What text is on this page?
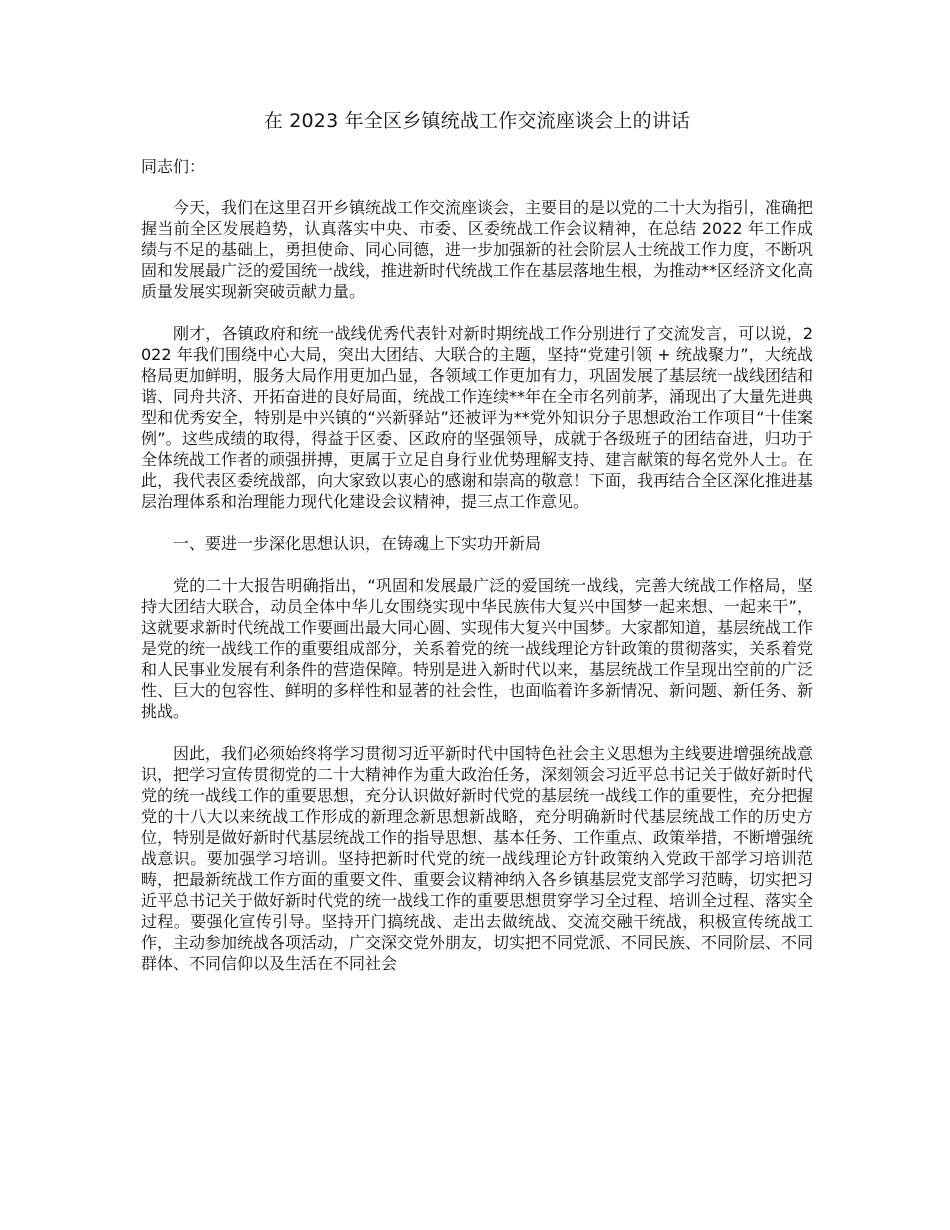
在 2023 年全区乡镇统战工作交流座谈会上的讲话

同志们：

今天，我们在这里召开乡镇统战工作交流座谈会，主要目的是以党的二十大为指引，准确把握当前全区发展趋势，认真落实中央、市委、区委统战工作会议精神，在总结 2022 年工作成绩与不足的基础上，勇担使命、同心同德，进一步加强新的社会阶层人士统战工作力度，不断巩固和发展最广泛的爱国统一战线，推进新时代统战工作在基层落地生根，为推动**区经济文化高质量发展实现新突破贡献力量。

刚才，各镇政府和统一战线优秀代表针对新时期统战工作分别进行了交流发言，可以说，2022 年我们围绕中心大局，突出大团结、大联合的主题，坚持“党建引领 + 统战聚力”，大统战格局更加鲜明，服务大局作用更加凸显，各领域工作更加有力，巩固发展了基层统一战线团结和谐、同舟共济、开拓奋进的良好局面，统战工作连续**年在全市名列前茅，涌现出了大量先进典型和优秀安全，特别是中兴镇的“兴新驿站”还被评为**党外知识分子思想政治工作项目“十佳案例”。这些成绩的取得，得益于区委、区政府的坚强领导，成就于各级班子的团结奋进，归功于全体统战工作者的顽强拼搏，更属于立足自身行业优势理解支持、建言献策的每名党外人士。在此，我代表区委统战部，向大家致以衷心的感谢和崇高的敬意！下面，我再结合全区深化推进基层治理体系和治理能力现代化建设会议精神，提三点工作意见。

一、要进一步深化思想认识，在铸魂上下实功开新局

党的二十大报告明确指出，“巩固和发展最广泛的爱国统一战线，完善大统战工作格局，坚持大团结大联合，动员全体中华儿女围绕实现中华民族伟大复兴中国梦一起来想、一起来干”，这就要求新时代统战工作要画出最大同心圆、实现伟大复兴中国梦。大家都知道，基层统战工作是党的统一战线工作的重要组成部分，关系着党的统一战线理论方针政策的贯彻落实，关系着党和人民事业发展有利条件的营造保障。特别是进入新时代以来，基层统战工作呈现出空前的广泛性、巨大的包容性、鲜明的多样性和显著的社会性，也面临着许多新情况、新问题、新任务、新挑战。

因此，我们必须始终将学习贯彻习近平新时代中国特色社会主义思想为主线要进增强统战意识，把学习宣传贯彻党的二十大精神作为重大政治任务，深刻领会习近平总书记关于做好新时代党的统一战线工作的重要思想，充分认识做好新时代党的基层统一战线工作的重要性，充分把握党的十八大以来统战工作形成的新理念新思想新战略，充分明确新时代基层统战工作的历史方位，特别是做好新时代基层统战工作的指导思想、基本任务、工作重点、政策举措，不断增强统战意识。要加强学习培训。坚持把新时代党的统一战线理论方针政策纳入党政干部学习培训范畴，把最新统战工作方面的重要文件、重要会议精神纳入各乡镇基层党支部学习范畴，切实把习近平总书记关于做好新时代党的统一战线工作的重要思想贯穿学习全过程、培训全过程、落实全过程。要强化宣传引导。坚持开门搞统战、走出去做统战、交流交融干统战，积极宣传统战工作，主动参加统战各项活动，广交深交党外朋友，切实把不同党派、不同民族、不同阶层、不同群体、不同信仰以及生活在不同社会
